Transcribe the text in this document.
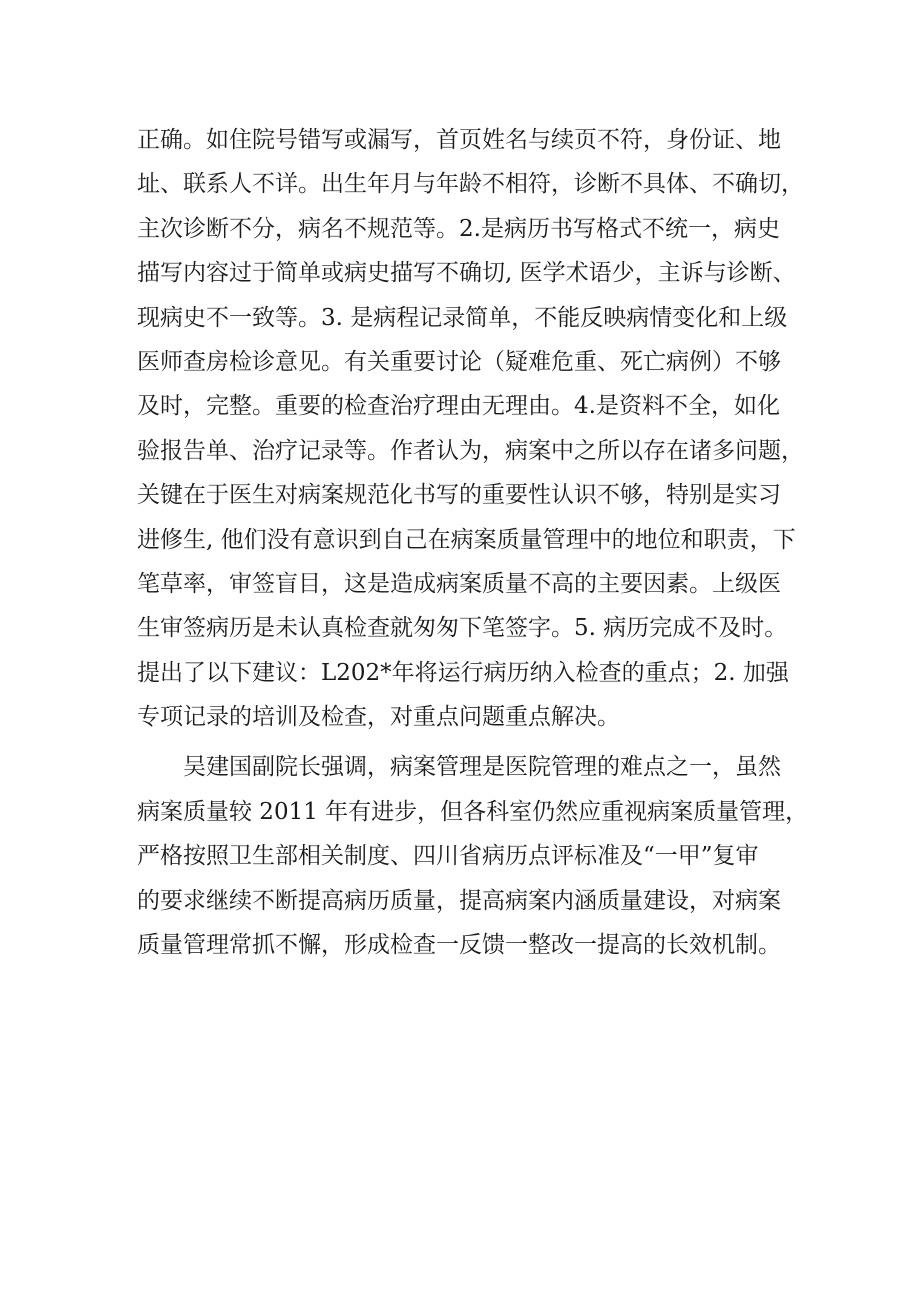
正确。如住院号错写或漏写，首页姓名与续页不符，身份证、地
址、联系人不详。出生年月与年龄不相符，诊断不具体、不确切，
主次诊断不分，病名不规范等。2.是病历书写格式不统一，病史
描写内容过于简单或病史描写不确切, 医学术语少，主诉与诊断、
现病史不一致等。3. 是病程记录简单，不能反映病情变化和上级
医师查房检诊意见。有关重要讨论（疑难危重、死亡病例）不够
及时，完整。重要的检查治疗理由无理由。4.是资料不全，如化
验报告单、治疗记录等。作者认为，病案中之所以存在诸多问题，
关键在于医生对病案规范化书写的重要性认识不够，特别是实习
进修生, 他们没有意识到自己在病案质量管理中的地位和职责，下
笔草率，审签盲目，这是造成病案质量不高的主要因素。上级医
生审签病历是未认真检查就匆匆下笔签字。5. 病历完成不及时。
提出了以下建议：L202*年将运行病历纳入检查的重点；2. 加强
专项记录的培训及检查，对重点问题重点解决。
吴建国副院长强调，病案管理是医院管理的难点之一，虽然
病案质量较 2011 年有进步，但各科室仍然应重视病案质量管理，
严格按照卫生部相关制度、四川省病历点评标准及“一甲”复审
的要求继续不断提高病历质量，提高病案内涵质量建设，对病案
质量管理常抓不懈，形成检查一反馈一整改一提高的长效机制。
